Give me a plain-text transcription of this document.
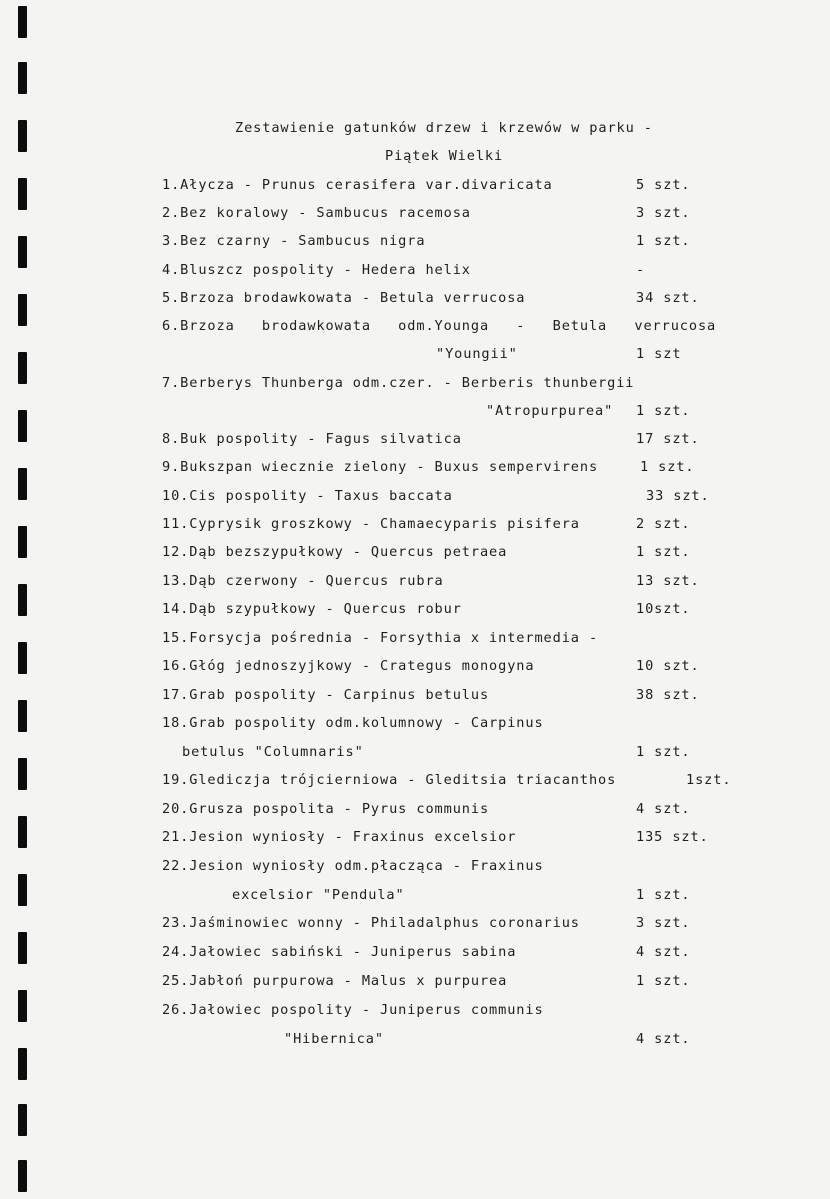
Zestawienie gatunków drzew i krzewów w parku -
Piątek Wielki
1.Ałycza - Prunus cerasifera var.divaricata	5 szt.
2.Bez koralowy - Sambucus racemosa	3 szt.
3.Bez czarny - Sambucus nigra	1 szt.
4.Bluszcz pospolity - Hedera helix	-
5.Brzoza brodawkowata - Betula verrucosa	34 szt.
6.Brzoza   brodawkowata   odm.Younga   -   Betula   verrucosa
"Youngii"	1 szt
7.Berberys Thunberga odm.czer. - Berberis thunbergii
"Atropurpurea" 1 szt.
8.Buk pospolity - Fagus silvatica	17 szt.
9.Bukszpan wiecznie zielony - Buxus sempervirens	1 szt.
10.Cis pospolity - Taxus baccata	33 szt.
11.Cyprysik groszkowy - Chamaecyparis pisifera	2 szt.
12.Dąb bezszypułkowy - Quercus petraea	1 szt.
13.Dąb czerwony - Quercus rubra	13 szt.
14.Dąb szypułkowy - Quercus robur	10szt.
15.Forsycja pośrednia - Forsythia x intermedia -
16.Głóg jednoszyjkowy - Crategus monogyna	10 szt.
17.Grab pospolity - Carpinus betulus	38 szt.
18.Grab pospolity odm.kolumnowy - Carpinus
betulus "Columnaris"	1 szt.
19.Glediczja trójcierniowa - Gleditsia triacanthos	1szt.
20.Grusza pospolita - Pyrus communis	4 szt.
21.Jesion wyniosły - Fraxinus excelsior	135 szt.
22.Jesion wyniosły odm.płacząca - Fraxinus
excelsior "Pendula"	1 szt.
23.Jaśminowiec wonny - Philadalphus coronarius	3 szt.
24.Jałowiec sabiński - Juniperus sabina	4 szt.
25.Jabłoń purpurowa - Malus x purpurea	1 szt.
26.Jałowiec pospolity - Juniperus communis
"Hibernica"	4 szt.
